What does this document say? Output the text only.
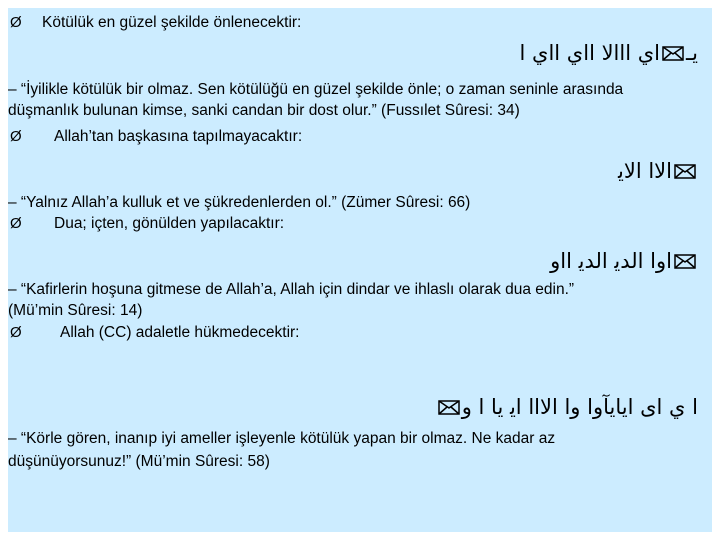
Ø Kötülük en güzel şekilde önlenecektir:
يـﺍﻱ ﺍﺍﺍﻟﺎ ﺍﺍﻱ ﺍﺍﻱ ﺍ
– “İyilikle kötülük bir olmaz. Sen kötülüğü en güzel şekilde önle; o zaman seninle arasında
düşmanlık bulunan kimse, sanki candan bir dost olur.” (Fussılet Sûresi: 34)
Ø Allah’tan başkasına tapılmayacaktır:
ﺍﻟﺎﺍ ﺍﻟﺎﻳ
– “Yalnız Allah’a kulluk et ve şükredenlerden ol.” (Zümer Sûresi: 66)
Ø Dua; içten, gönülden yapılacaktır:
ﺍﻭﺍ ﺍﻟﺪﻳ ﺍﻟﺪﻳ ﺍﺍﻭ
– “Kafirlerin hoşuna gitmese de Allah’a, Allah için dindar ve ihlaslı olarak dua edin.”
(Mü’min Sûresi: 14)
Ø Allah (CC) adaletle hükmedecektir:
ﺍ ﻱ ﺍﻯ ﺍﻳﺎﻳﺂﻭﺍ ﻭﺍ ﺍﻟﺎﺍﺍ ﺍﻳ ﻳﺎ ﺍ ﻭ
– “Körle gören, inanıp iyi ameller işleyenle kötülük yapan bir olmaz. Ne kadar az
düşünüyorsunuz!” (Mü’min Sûresi: 58)
